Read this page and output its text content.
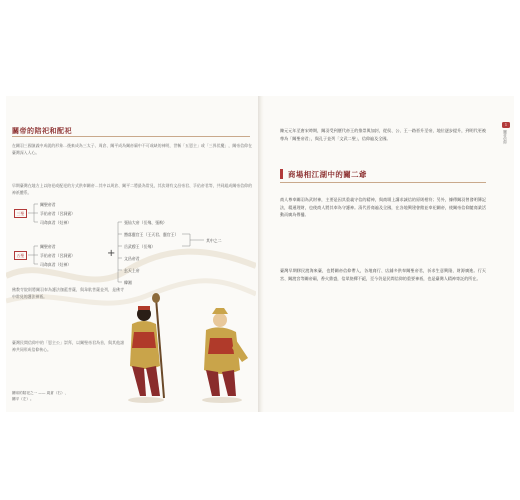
關帝的陪祀和配祀
在關羽三國演義中成就的形象…後來成為三太子、周倉、關平成為關帝廟中不可或缺的神明，世稱「五恩主」或「三界伏魔」，關帝信仰在臺灣深入人心。
早期臺灣在地方上以陪祀或配祀的方式供奉關帝…其中以周倉、關平二將最為常見，其次則有文昌帝君、孚佑帝君等，共同組成關帝信仰的神祇體系。
三聖
關聖帝君
孚佑帝君（呂洞賓）
司命真君（灶神）
五聖
關聖帝君
孚佑帝君（呂洞賓）
司命真君（灶神）
+
張仙大帝（岳飛、張飛）
豁落靈官王（王天君、靈官王）
岳武穆王（岳飛）
文昌帝君
玄天上帝
韓湘
其中之二
佛教寺院則將關羽奉為護法伽藍菩薩，與韋馱菩薩並列，是佛寺中常見的護法神祇。
臺灣民間信仰中的「恩主公」崇拜，以關聖帝君為首，與其他諸神共同形成信仰核心。
關帝的陪祀之一 —— 周倉（右）、
關平（左）。
陳元元年至唐宋時期，關羽受到歷代帝王的推崇與加封，從侯、公、王一路晉升至帝，地位逐步提升，到明代更被尊為「關聖帝君」，與孔子並列「文武二聖」，信仰遍及全國。
商場相江湖中的關二爺
商人尊奉關羽為武財神，主要是因其重義守信的精神，與商場上講求誠信的原則相符；另外，據傳關羽曾發明簿記法，精通理財，也使商人將其奉為守護神。清代晉商遍及全國，在各地興建會館並奉祀關帝，使關帝信仰隨商業活動而廣為傳播。
臺灣早期移民渡海來臺，也將關帝信仰帶入，各地商行、店鋪多供奉關聖帝君，祈求生意興隆、財源廣進。行天宮、關渡宮等關帝廟，香火鼎盛，信眾絡繹不絕，至今仍是民間信仰的重要神祇，也是臺灣人精神寄託的所在。
1
關帝信仰
